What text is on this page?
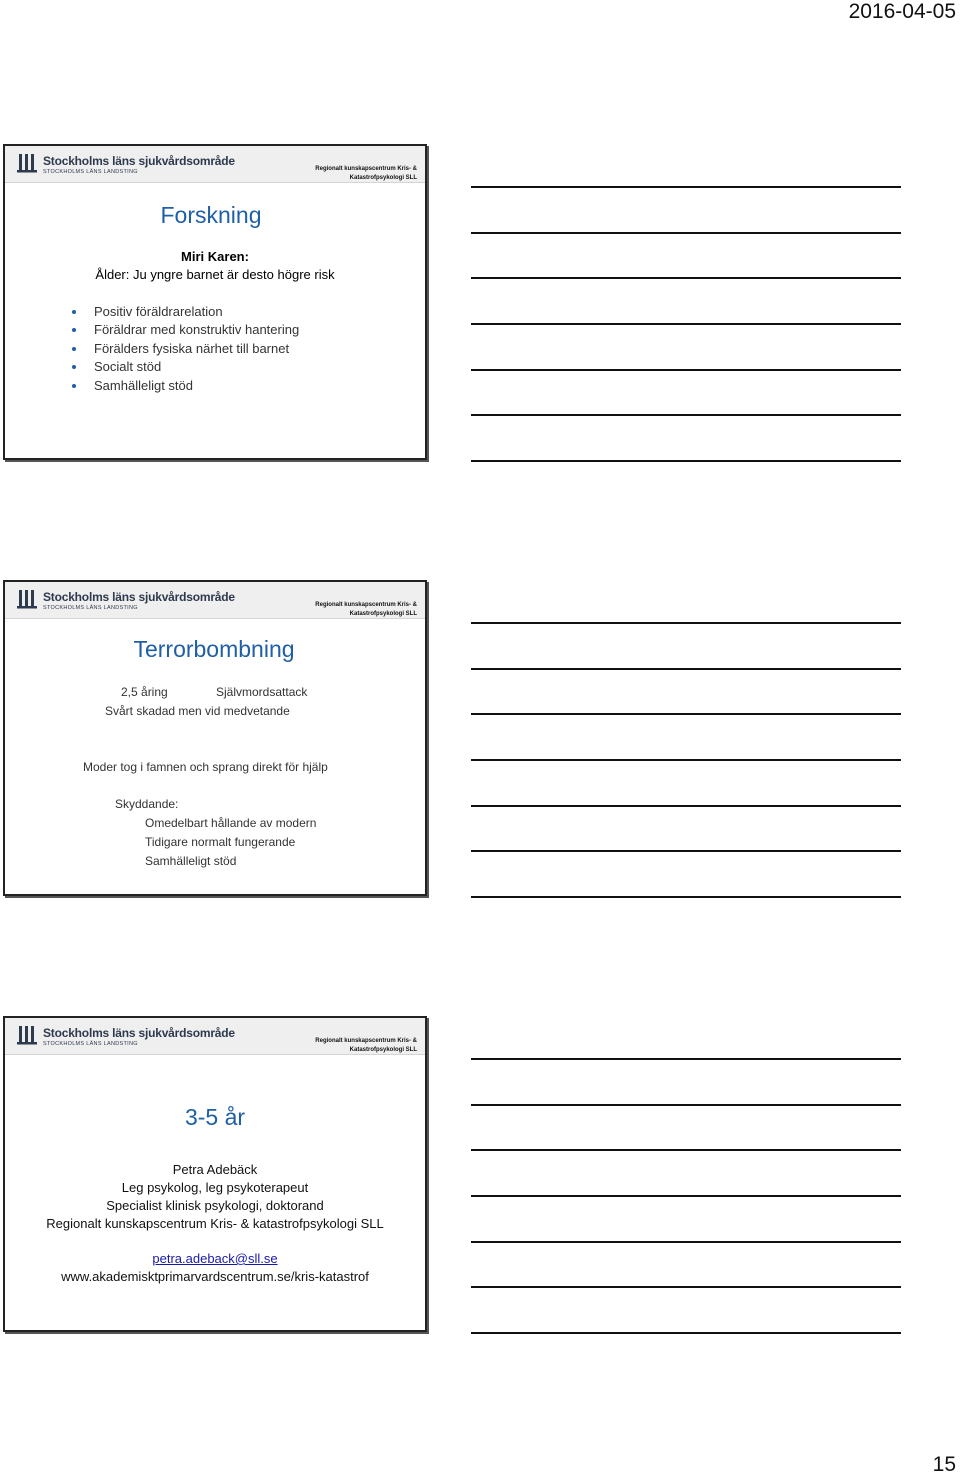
2016-04-05
Stockholms läns sjukvårdsområde
STOCKHOLMS LÄNS LANDSTING	Regionalt kunskapscentrum Kris- &
Katastrofpsykologi SLL
Forskning
Miri Karen:
Ålder: Ju yngre barnet är desto högre risk
Positiv föräldrarelation
Föräldrar med konstruktiv hantering
Förälders fysiska närhet till barnet
Socialt stöd
Samhälleligt stöd
Stockholms läns sjukvårdsområde
STOCKHOLMS LÄNS LANDSTING	Regionalt kunskapscentrum Kris- &
Katastrofpsykologi SLL
Terrorbombning
2,5 åring	Självmordsattack
Svårt skadad men vid medvetande
Moder tog i famnen och sprang direkt för hjälp
Skyddande:
Omedelbart hållande av modern
Tidigare normalt fungerande
Samhälleligt stöd
Stockholms läns sjukvårdsområde
STOCKHOLMS LÄNS LANDSTING	Regionalt kunskapscentrum Kris- &
Katastrofpsykologi SLL
3-5 år
Petra Adebäck
Leg psykolog, leg psykoterapeut
Specialist klinisk psykologi, doktorand
Regionalt kunskapscentrum Kris- & katastrofpsykologi SLL
petra.adeback@sll.se
www.akademisktprimarvardscentrum.se/kris-katastrof
15
